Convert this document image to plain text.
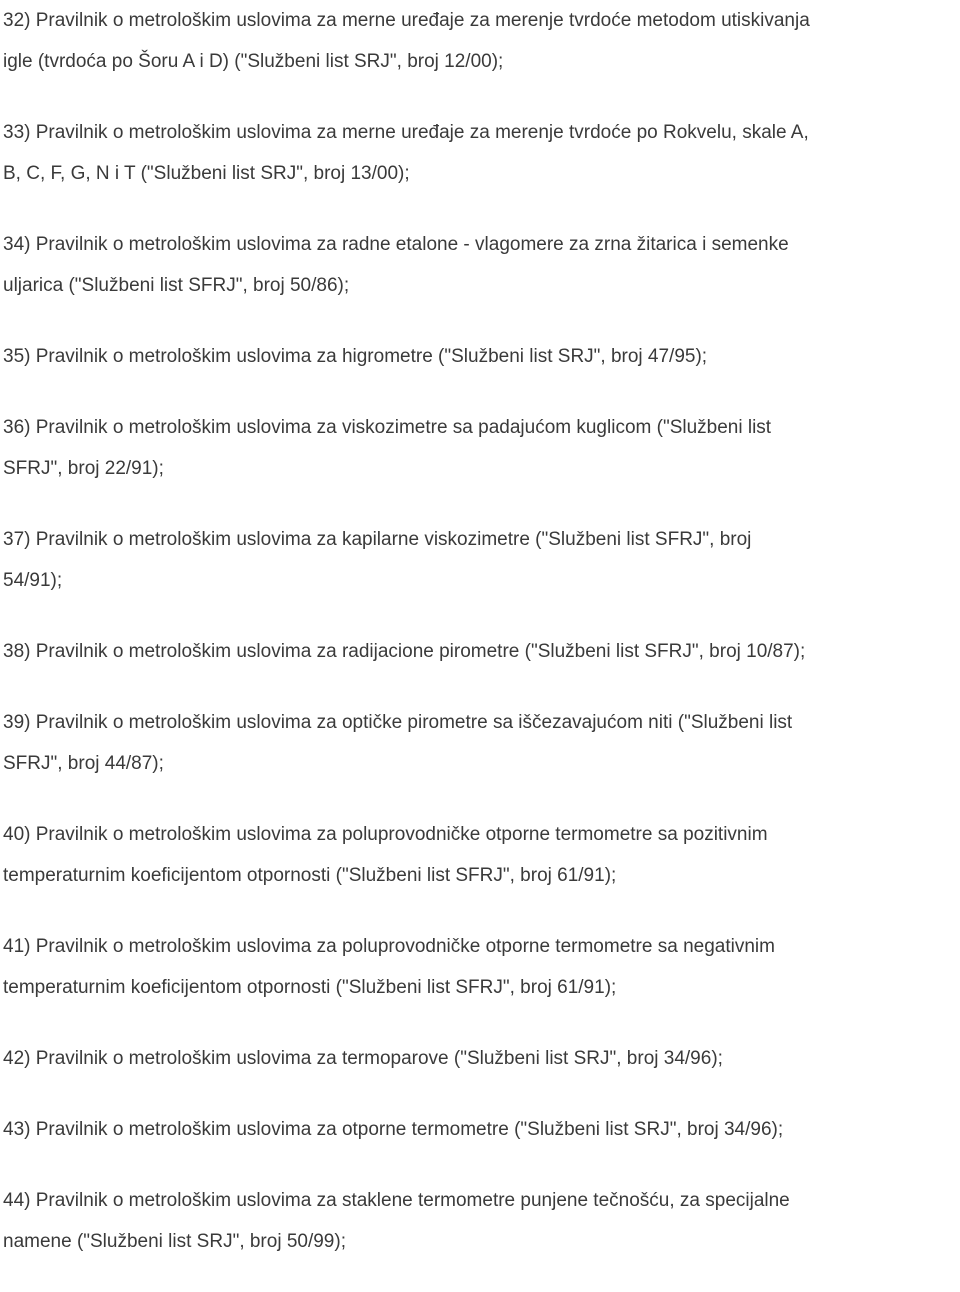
32) Pravilnik o metrološkim uslovima za merne uređaje za merenje tvrdoće metodom utiskivanja
igle (tvrdoća po Šoru A i D) ("Službeni list SRJ", broj 12/00);
33) Pravilnik o metrološkim uslovima za merne uređaje za merenje tvrdoće po Rokvelu, skale A,
B, C, F, G, N i T ("Službeni list SRJ", broj 13/00);
34) Pravilnik o metrološkim uslovima za radne etalone - vlagomere za zrna žitarica i semenke
uljarica ("Službeni list SFRJ", broj 50/86);
35) Pravilnik o metrološkim uslovima za higrometre ("Službeni list SRJ", broj 47/95);
36) Pravilnik o metrološkim uslovima za viskozimetre sa padajućom kuglicom ("Službeni list
SFRJ", broj 22/91);
37) Pravilnik o metrološkim uslovima za kapilarne viskozimetre ("Službeni list SFRJ", broj
54/91);
38) Pravilnik o metrološkim uslovima za radijacione pirometre ("Službeni list SFRJ", broj 10/87);
39) Pravilnik o metrološkim uslovima za optičke pirometre sa iščezavajućom niti ("Službeni list
SFRJ", broj 44/87);
40) Pravilnik o metrološkim uslovima za poluprovodničke otporne termometre sa pozitivnim
temperaturnim koeficijentom otpornosti ("Službeni list SFRJ", broj 61/91);
41) Pravilnik o metrološkim uslovima za poluprovodničke otporne termometre sa negativnim
temperaturnim koeficijentom otpornosti ("Službeni list SFRJ", broj 61/91);
42) Pravilnik o metrološkim uslovima za termoparove ("Službeni list SRJ", broj 34/96);
43) Pravilnik o metrološkim uslovima za otporne termometre ("Službeni list SRJ", broj 34/96);
44) Pravilnik o metrološkim uslovima za staklene termometre punjene tečnošću, za specijalne
namene ("Službeni list SRJ", broj 50/99);
